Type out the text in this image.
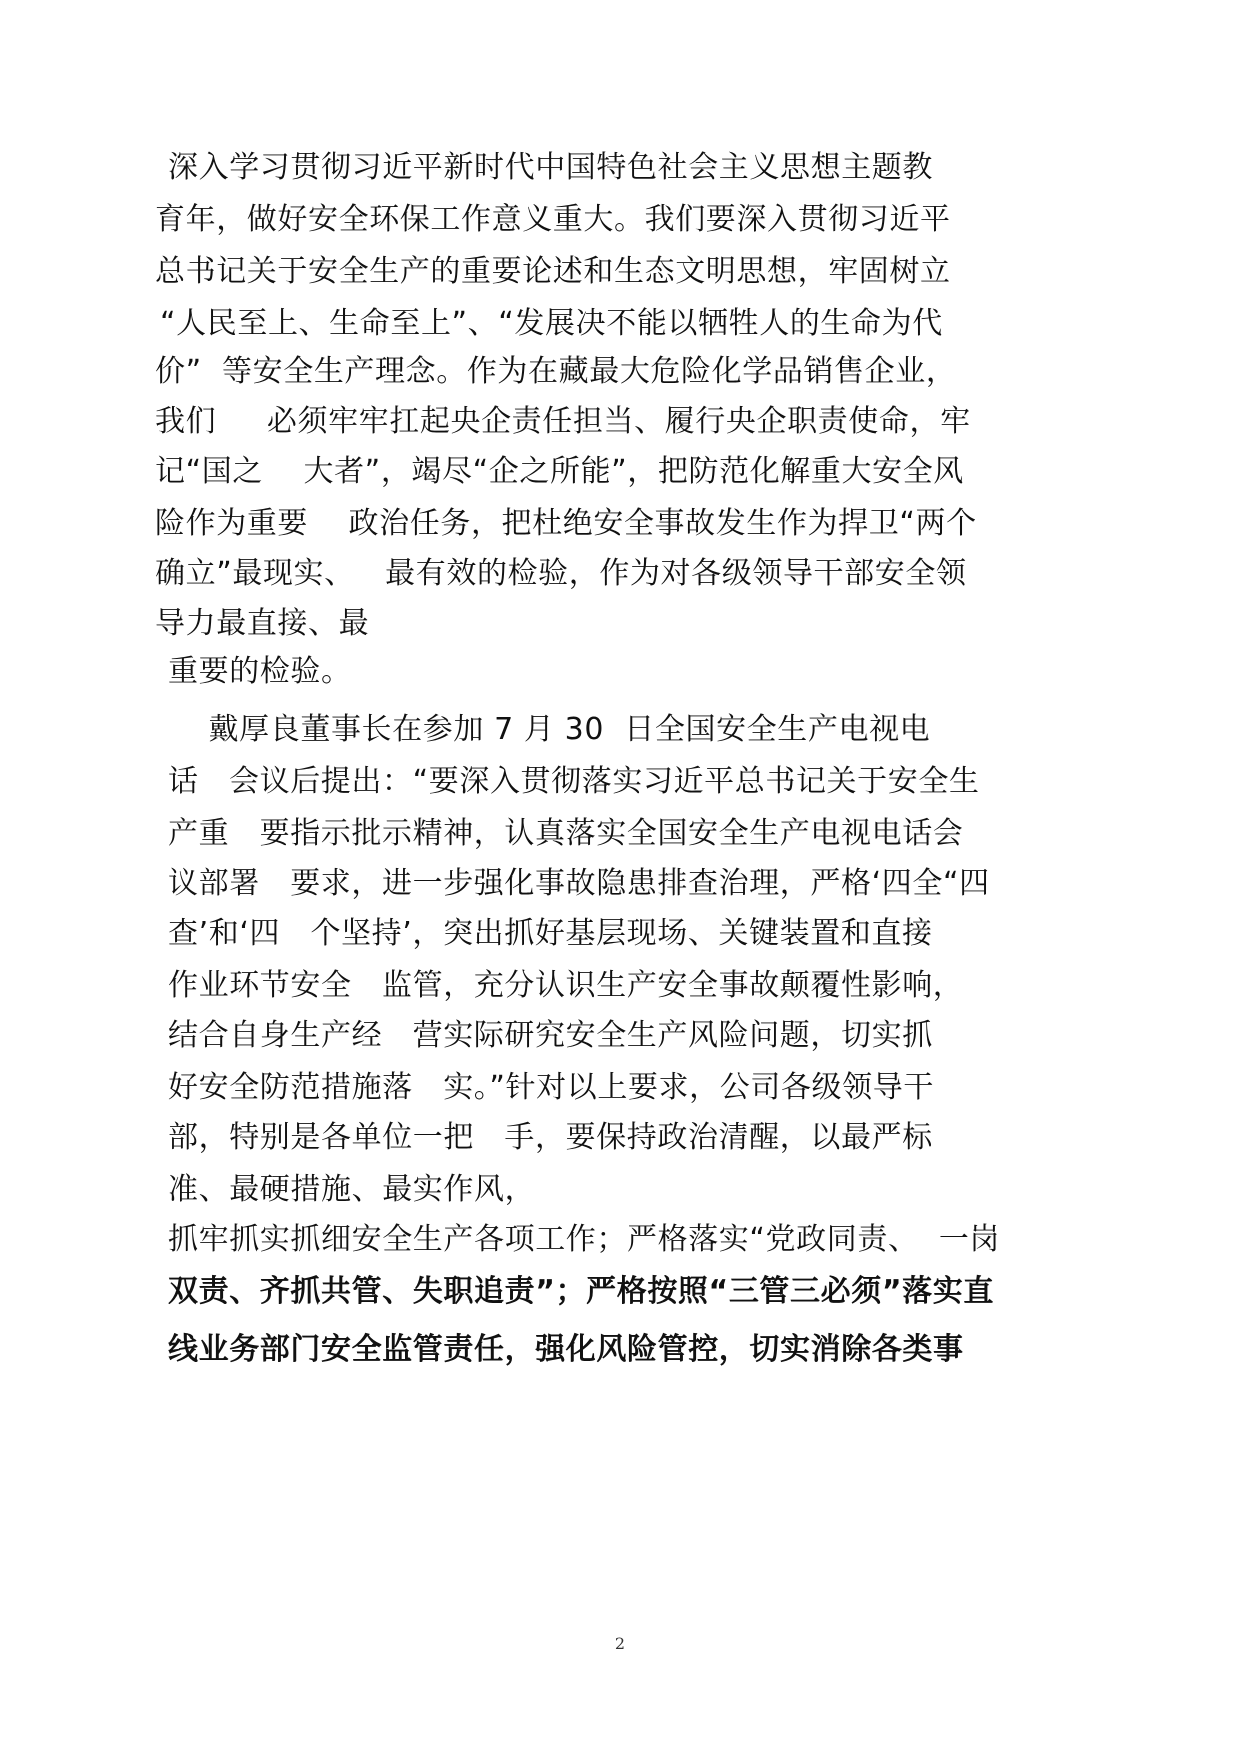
深入学习贯彻习近平新时代中国特色社会主义思想主题教
育年，做好安全环保工作意义重大。我们要深入贯彻习近平
总书记关于安全生产的重要论述和生态文明思想，牢固树立
“人民至上、生命至上”、“发展决不能以牺牲人的生命为代
价”  等安全生产理念。作为在藏最大危险化学品销售企业，
我们     必须牢牢扛起央企责任担当、履行央企职责使命，牢
记“国之    大者”，竭尽“企之所能”，把防范化解重大安全风
险作为重要    政治任务，把杜绝安全事故发生作为捍卫“两个
确立”最现实、   最有效的检验，作为对各级领导干部安全领
导力最直接、最
重要的检验。
戴厚良董事长在参加 7 月 30  日全国安全生产电视电
话   会议后提出：“要深入贯彻落实习近平总书记关于安全生
产重   要指示批示精神，认真落实全国安全生产电视电话会
议部署   要求，进一步强化事故隐患排查治理，严格‘四全“四
查’和‘四   个坚持’，突出抓好基层现场、关键装置和直接
作业环节安全   监管，充分认识生产安全事故颠覆性影响，
结合自身生产经   营实际研究安全生产风险问题，切实抓
好安全防范措施落   实。”针对以上要求，公司各级领导干
部，特别是各单位一把   手，要保持政治清醒，以最严标
准、最硬措施、最实作风，
抓牢抓实抓细安全生产各项工作；严格落实“党政同责、  一岗
双责、齐抓共管、失职追责”；严格按照“三管三必须”落实直
线业务部门安全监管责任，强化风险管控，切实消除各类事
2
